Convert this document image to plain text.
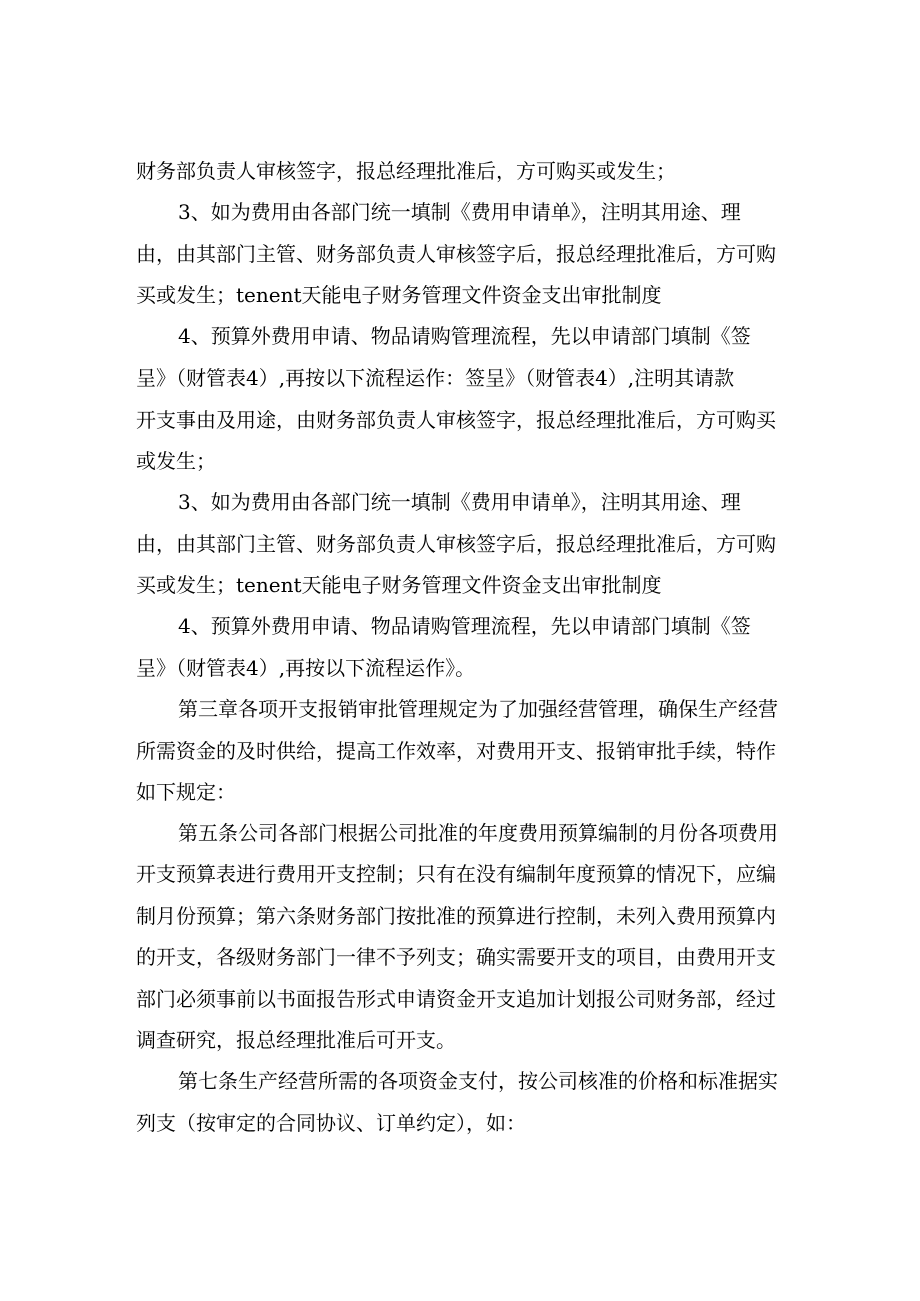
财务部负责人审核签字，报总经理批准后，方可购买或发生；
3、如为费用由各部门统一填制《费用申请单》，注明其用途、理
由，由其部门主管、财务部负责人审核签字后，报总经理批准后，方可购
买或发生；tenent天能电子财务管理文件资金支出审批制度
4、预算外费用申请、物品请购管理流程，先以申请部门填制《签
呈》（财管表4）,再按以下流程运作：签呈》（财管表4）,注明其请款
开支事由及用途，由财务部负责人审核签字，报总经理批准后，方可购买
或发生；
3、如为费用由各部门统一填制《费用申请单》，注明其用途、理
由，由其部门主管、财务部负责人审核签字后，报总经理批准后，方可购
买或发生；tenent天能电子财务管理文件资金支出审批制度
4、预算外费用申请、物品请购管理流程，先以申请部门填制《签
呈》（财管表4）,再按以下流程运作》。
第三章各项开支报销审批管理规定为了加强经营管理，确保生产经营
所需资金的及时供给，提高工作效率，对费用开支、报销审批手续，特作
如下规定：
第五条公司各部门根据公司批准的年度费用预算编制的月份各项费用
开支预算表进行费用开支控制；只有在没有编制年度预算的情况下，应编
制月份预算；第六条财务部门按批准的预算进行控制，未列入费用预算内
的开支，各级财务部门一律不予列支；确实需要开支的项目，由费用开支
部门必须事前以书面报告形式申请资金开支追加计划报公司财务部，经过
调查研究，报总经理批准后可开支。
第七条生产经营所需的各项资金支付，按公司核准的价格和标准据实
列支（按审定的合同协议、订单约定），如：
